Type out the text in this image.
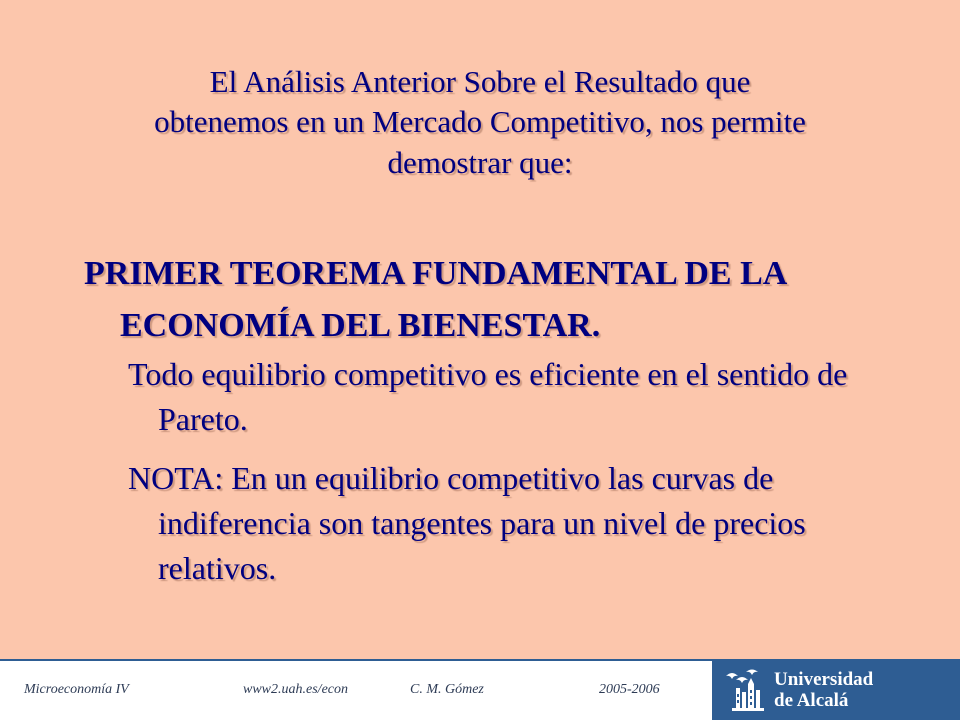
El Análisis Anterior Sobre el Resultado que
obtenemos en un Mercado Competitivo, nos permite
demostrar que:

PRIMER TEOREMA FUNDAMENTAL DE LA ECONOMÍA DEL BIENESTAR.

Todo equilibrio competitivo es eficiente en el sentido de Pareto.

NOTA: En un equilibrio competitivo las curvas de indiferencia son tangentes para un nivel de precios relativos.

Microeconomía IV	www2.uah.es/econ	C. M. Gómez	2005-2006	Universidad
de Alcalá
